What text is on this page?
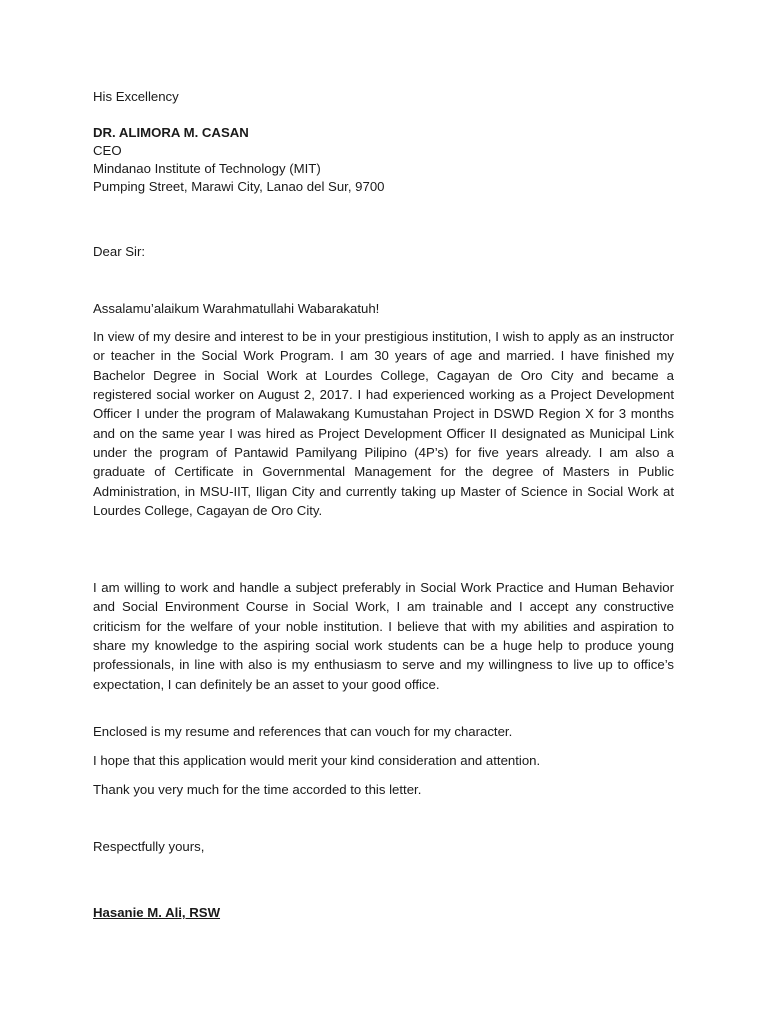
His Excellency
DR. ALIMORA M. CASAN
CEO
Mindanao Institute of Technology (MIT)
Pumping Street, Marawi City, Lanao del Sur, 9700
Dear Sir:
Assalamu’alaikum Warahmatullahi Wabarakatuh!

In view of my desire and interest to be in your prestigious institution, I wish to apply as an instructor or teacher in the Social Work Program. I am 30 years of age and married. I have finished my Bachelor Degree in Social Work at Lourdes College, Cagayan de Oro City and became a registered social worker on August 2, 2017. I had experienced working as a Project Development Officer I under the program of Malawakang Kumustahan Project in DSWD Region X for 3 months and on the same year I was hired as Project Development Officer II designated as Municipal Link under the program of Pantawid Pamilyang Pilipino (4P’s) for five years already. I am also a graduate of Certificate in Governmental Management for the degree of Masters in Public Administration, in MSU-IIT, Iligan City and currently taking up Master of Science in Social Work at Lourdes College, Cagayan de Oro City.

I am willing to work and handle a subject preferably in Social Work Practice and Human Behavior and Social Environment Course in Social Work, I am trainable and I accept any constructive criticism for the welfare of your noble institution. I believe that with my abilities and aspiration to share my knowledge to the aspiring social work students can be a huge help to produce young professionals, in line with also is my enthusiasm to serve and my willingness to live up to office’s expectation, I can definitely be an asset to your good office.

Enclosed is my resume and references that can vouch for my character.

I hope that this application would merit your kind consideration and attention.

Thank you very much for the time accorded to this letter.

Respectfully yours,
Hasanie M. Ali, RSW
